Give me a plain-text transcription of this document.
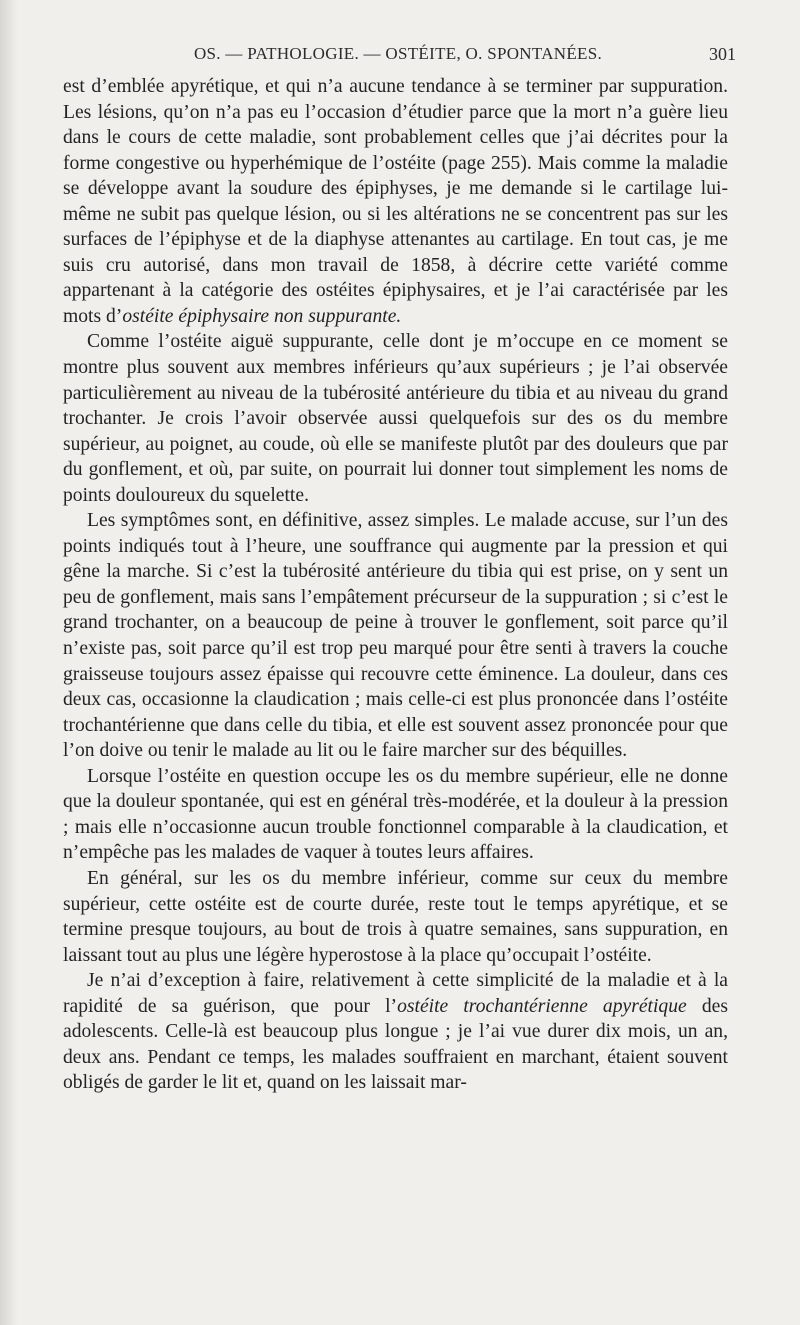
OS. — PATHOLOGIE. — OSTÉITE, O. SPONTANÉES.	301

est d’emblée apyrétique, et qui n’a aucune tendance à se terminer par suppuration. Les lésions, qu’on n’a pas eu l’occasion d’étudier parce que la mort n’a guère lieu dans le cours de cette maladie, sont probablement celles que j’ai décrites pour la forme congestive ou hyperhémique de l’ostéite (page 255). Mais comme la maladie se développe avant la soudure des épiphyses, je me demande si le cartilage lui-même ne subit pas quelque lésion, ou si les altérations ne se concentrent pas sur les surfaces de l’épiphyse et de la diaphyse attenantes au cartilage. En tout cas, je me suis cru autorisé, dans mon travail de 1858, à décrire cette variété comme appartenant à la catégorie des ostéites épiphysaires, et je l’ai caractérisée par les mots d’ostéite épiphysaire non suppurante.

Comme l’ostéite aiguë suppurante, celle dont je m’occupe en ce moment se montre plus souvent aux membres inférieurs qu’aux supérieurs ; je l’ai observée particulièrement au niveau de la tubérosité antérieure du tibia et au niveau du grand trochanter. Je crois l’avoir observée aussi quelquefois sur des os du membre supérieur, au poignet, au coude, où elle se manifeste plutôt par des douleurs que par du gonflement, et où, par suite, on pourrait lui donner tout simplement les noms de points douloureux du squelette.

Les symptômes sont, en définitive, assez simples. Le malade accuse, sur l’un des points indiqués tout à l’heure, une souffrance qui augmente par la pression et qui gêne la marche. Si c’est la tubérosité antérieure du tibia qui est prise, on y sent un peu de gonflement, mais sans l’empâtement précurseur de la suppuration ; si c’est le grand trochanter, on a beaucoup de peine à trouver le gonflement, soit parce qu’il n’existe pas, soit parce qu’il est trop peu marqué pour être senti à travers la couche graisseuse toujours assez épaisse qui recouvre cette éminence. La douleur, dans ces deux cas, occasionne la claudication ; mais celle-ci est plus prononcée dans l’ostéite trochantérienne que dans celle du tibia, et elle est souvent assez prononcée pour que l’on doive ou tenir le malade au lit ou le faire marcher sur des béquilles.

Lorsque l’ostéite en question occupe les os du membre supérieur, elle ne donne que la douleur spontanée, qui est en général très-modérée, et la douleur à la pression ; mais elle n’occasionne aucun trouble fonctionnel comparable à la claudication, et n’empêche pas les malades de vaquer à toutes leurs affaires.

En général, sur les os du membre inférieur, comme sur ceux du membre supérieur, cette ostéite est de courte durée, reste tout le temps apyrétique, et se termine presque toujours, au bout de trois à quatre semaines, sans suppuration, en laissant tout au plus une légère hyperostose à la place qu’occupait l’ostéite.

Je n’ai d’exception à faire, relativement à cette simplicité de la maladie et à la rapidité de sa guérison, que pour l’ostéite trochantérienne apyrétique des adolescents. Celle-là est beaucoup plus longue ; je l’ai vue durer dix mois, un an, deux ans. Pendant ce temps, les malades souffraient en marchant, étaient souvent obligés de garder le lit et, quand on les laissait mar-
